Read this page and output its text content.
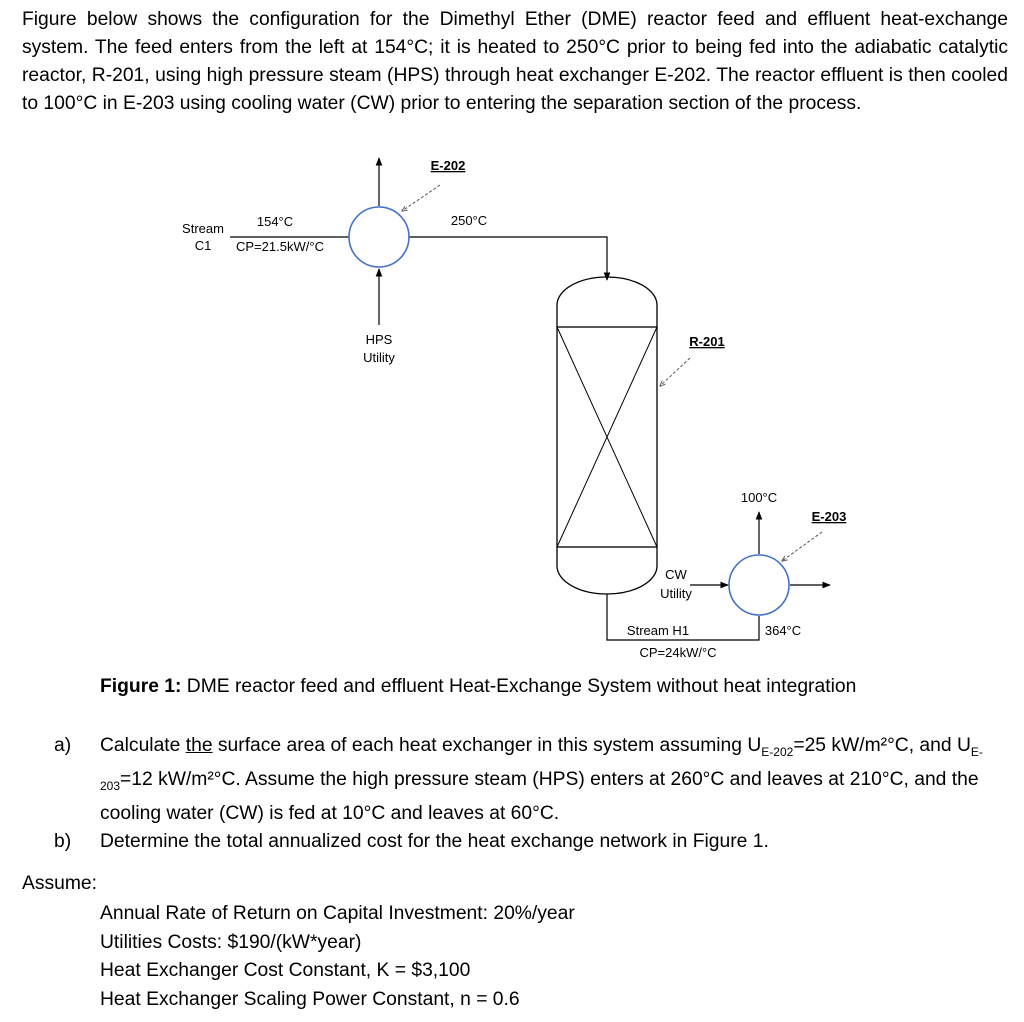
Figure below shows the configuration for the Dimethyl Ether (DME) reactor feed and effluent heat-exchange system. The feed enters from the left at 154°C; it is heated to 250°C prior to being fed into the adiabatic catalytic reactor, R-201, using high pressure steam (HPS) through heat exchanger E-202. The reactor effluent is then cooled to 100°C in E-203 using cooling water (CW) prior to entering the separation section of the process.

E-202
Stream
C1
154°C
CP=21.5kW/°C
250°C
HPS
Utility
R-201
100°C
E-203
CW
Utility
Stream H1
CP=24kW/°C
364°C

Figure 1: DME reactor feed and effluent Heat-Exchange System without heat integration

a) Calculate the surface area of each heat exchanger in this system assuming $U_{E-202}=25$ kW/m²°C, and $U_{E-203}=12$ kW/m²°C. Assume the high pressure steam (HPS) enters at 260°C and leaves at 210°C, and the cooling water (CW) is fed at 10°C and leaves at 60°C.
b) Determine the total annualized cost for the heat exchange network in Figure 1.

Assume:

Annual Rate of Return on Capital Investment: 20%/year
Utilities Costs: $190/(kW*year)
Heat Exchanger Cost Constant, K = $3,100
Heat Exchanger Scaling Power Constant, n = 0.6
